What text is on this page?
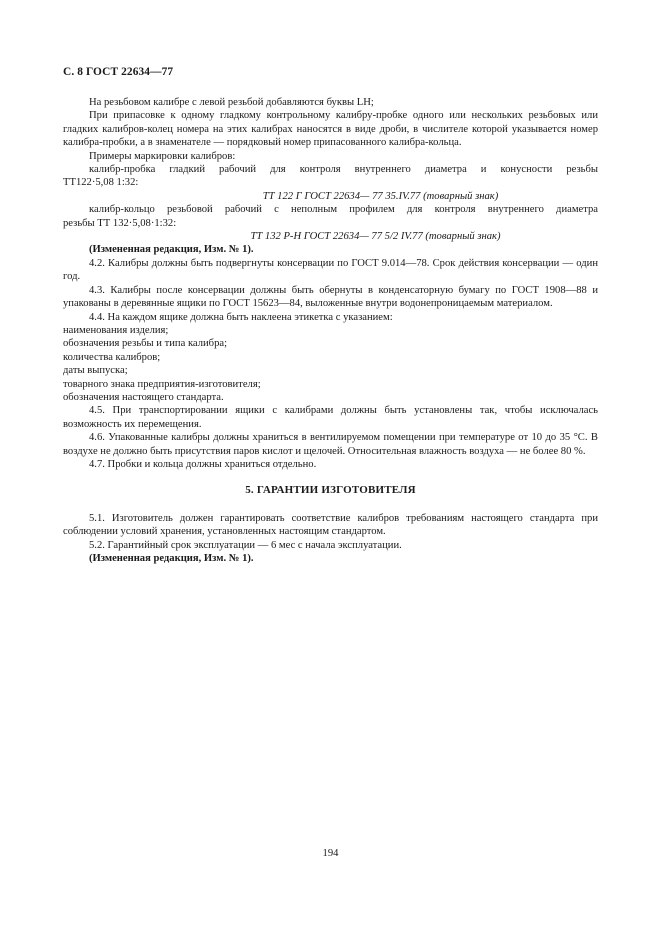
С. 8 ГОСТ 22634—77

На резьбовом калибре с левой резьбой добавляются буквы LH;

При припасовке к одному гладкому контрольному калибру-пробке одного или нескольких резьбовых или гладких калибров-колец номера на этих калибрах наносятся в виде дроби, в числителе которой указывается номер калибра-пробки, а в знаменателе — порядковый номер припасованного калибра-кольца.

Примеры маркировки калибров:

калибр-пробка гладкий рабочий для контроля внутреннего диаметра и конусности резьбы

ТТ122·5,08 1:32:

ТТ 122 Г ГОСТ 22634— 77 35.IV.77 (товарный знак)

калибр-кольцо резьбовой рабочий с неполным профилем для контроля внутреннего диаметра

резьбы ТТ 132·5,08·1:32:

ТТ 132 Р-Н ГОСТ 22634— 77 5/2 IV.77 (товарный знак)

(Измененная редакция, Изм. № 1).

4.2. Калибры должны быть подвергнуты консервации по ГОСТ 9.014—78. Срок действия консервации — один год.

4.3. Калибры после консервации должны быть обернуты в конденсаторную бумагу по ГОСТ 1908—88 и упакованы в деревянные ящики по ГОСТ 15623—84, выложенные внутри водонепроницаемым материалом.

4.4. На каждом ящике должна быть наклеена этикетка с указанием:

наименования изделия;

обозначения резьбы и типа калибра;

количества калибров;

даты выпуска;

товарного знака предприятия-изготовителя;

обозначения настоящего стандарта.

4.5. При транспортировании ящики с калибрами должны быть установлены так, чтобы исключалась возможность их перемещения.

4.6. Упакованные калибры должны храниться в вентилируемом помещении при температуре от 10 до 35 °С. В воздухе не должно быть присутствия паров кислот и щелочей. Относительная влажность воздуха — не более 80 %.

4.7. Пробки и кольца должны храниться отдельно.

5. ГАРАНТИИ ИЗГОТОВИТЕЛЯ

5.1. Изготовитель должен гарантировать соответствие калибров требованиям настоящего стандарта при соблюдении условий хранения, установленных настоящим стандартом.

5.2. Гарантийный срок эксплуатации — 6 мес с начала эксплуатации.

(Измененная редакция, Изм. № 1).

194
